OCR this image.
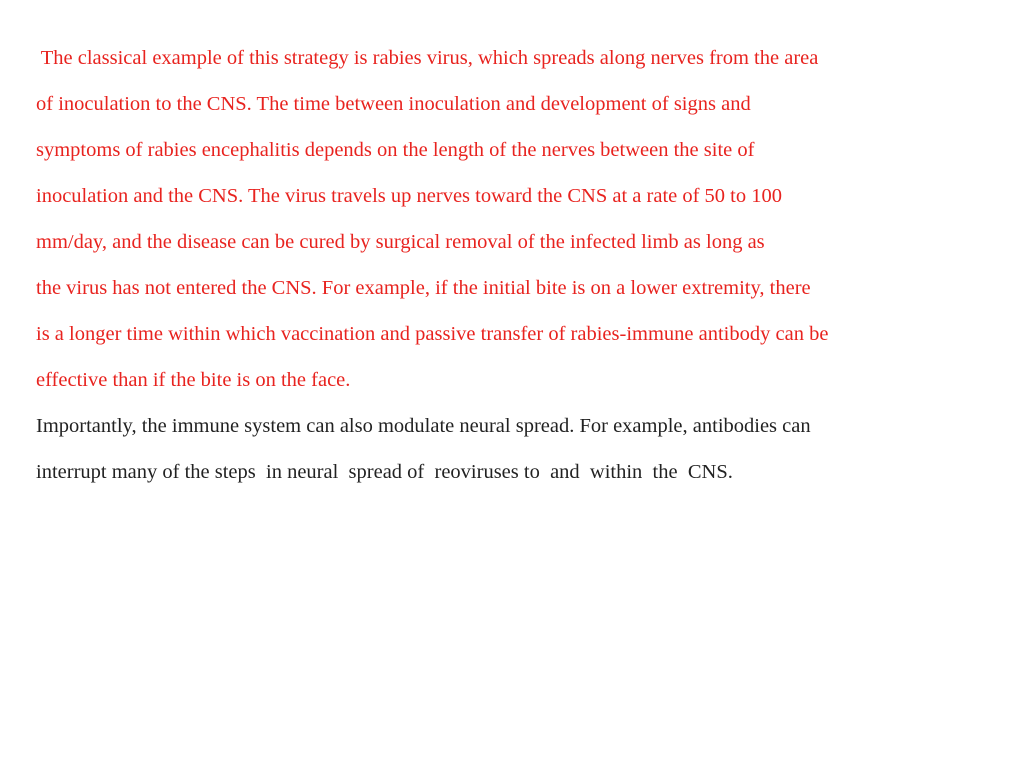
The classical example of this strategy is rabies virus, which spreads along nerves from the area

of inoculation to the CNS. The time between inoculation and development of signs and

symptoms of rabies encephalitis depends on the length of the nerves between the site of

inoculation and the CNS. The virus travels up nerves toward the CNS at a rate of 50 to 100

mm/day, and the disease can be cured by surgical removal of the infected limb as long as

the virus has not entered the CNS. For example, if the initial bite is on a lower extremity, there

is a longer time within which vaccination and passive transfer of rabies-immune antibody can be

effective than if the bite is on the face.

Importantly, the immune system can also modulate neural spread. For example, antibodies can

interrupt many of the steps  in neural  spread of  reoviruses to  and  within  the  CNS.
